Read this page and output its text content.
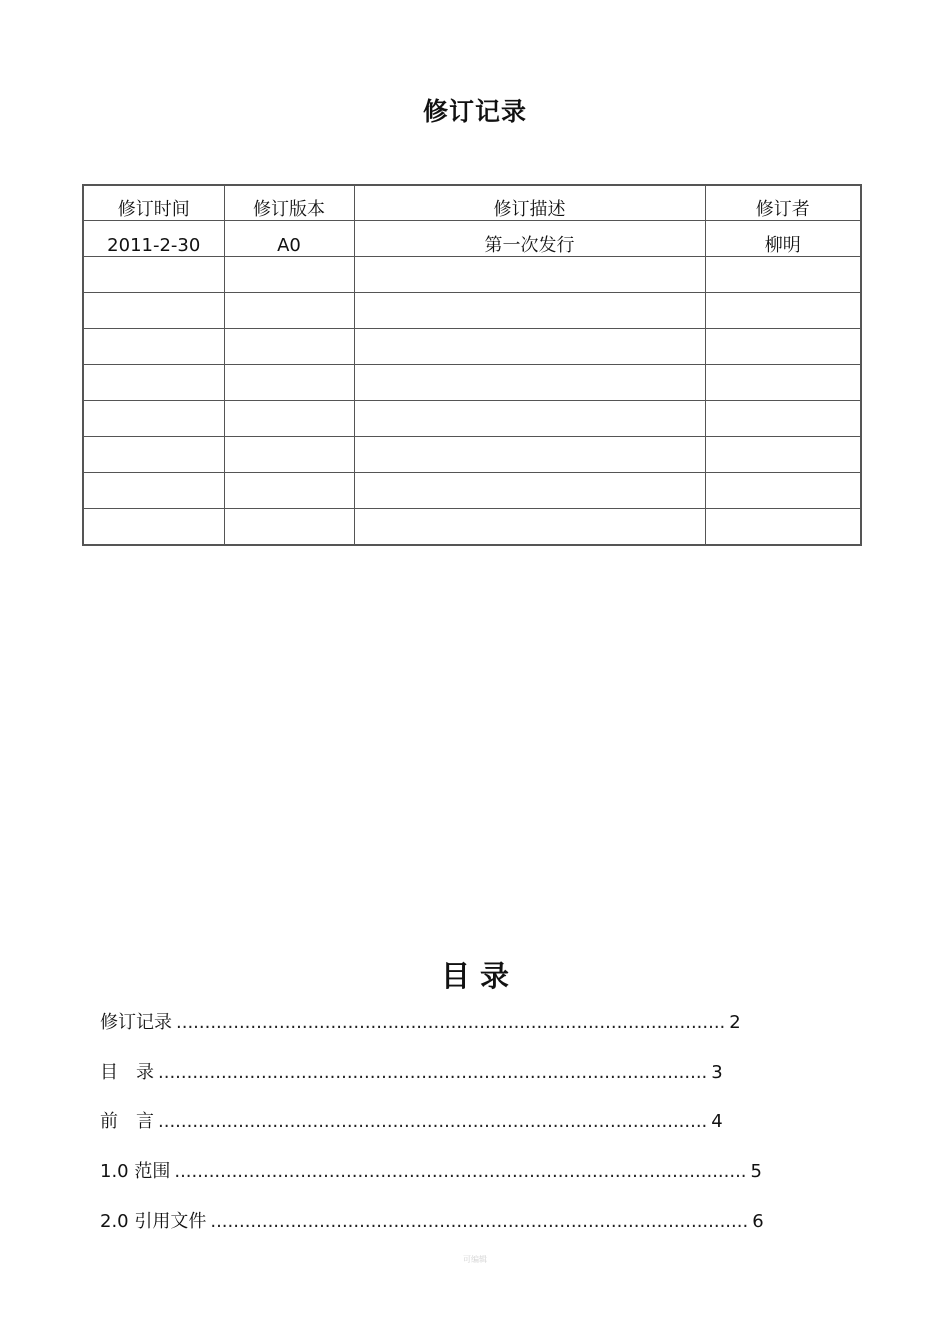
修订记录
修订时间	修订版本	修订描述	修订者
2011-2-30	A0	第一次发行	柳明

目 录
修订记录 ................................................................................................ 2
目　录 ................................................................................................ 3
前　言 ................................................................................................ 4
1.0 范围 .................................................................................................... 5
2.0 引用文件 .............................................................................................. 6
可编辑
